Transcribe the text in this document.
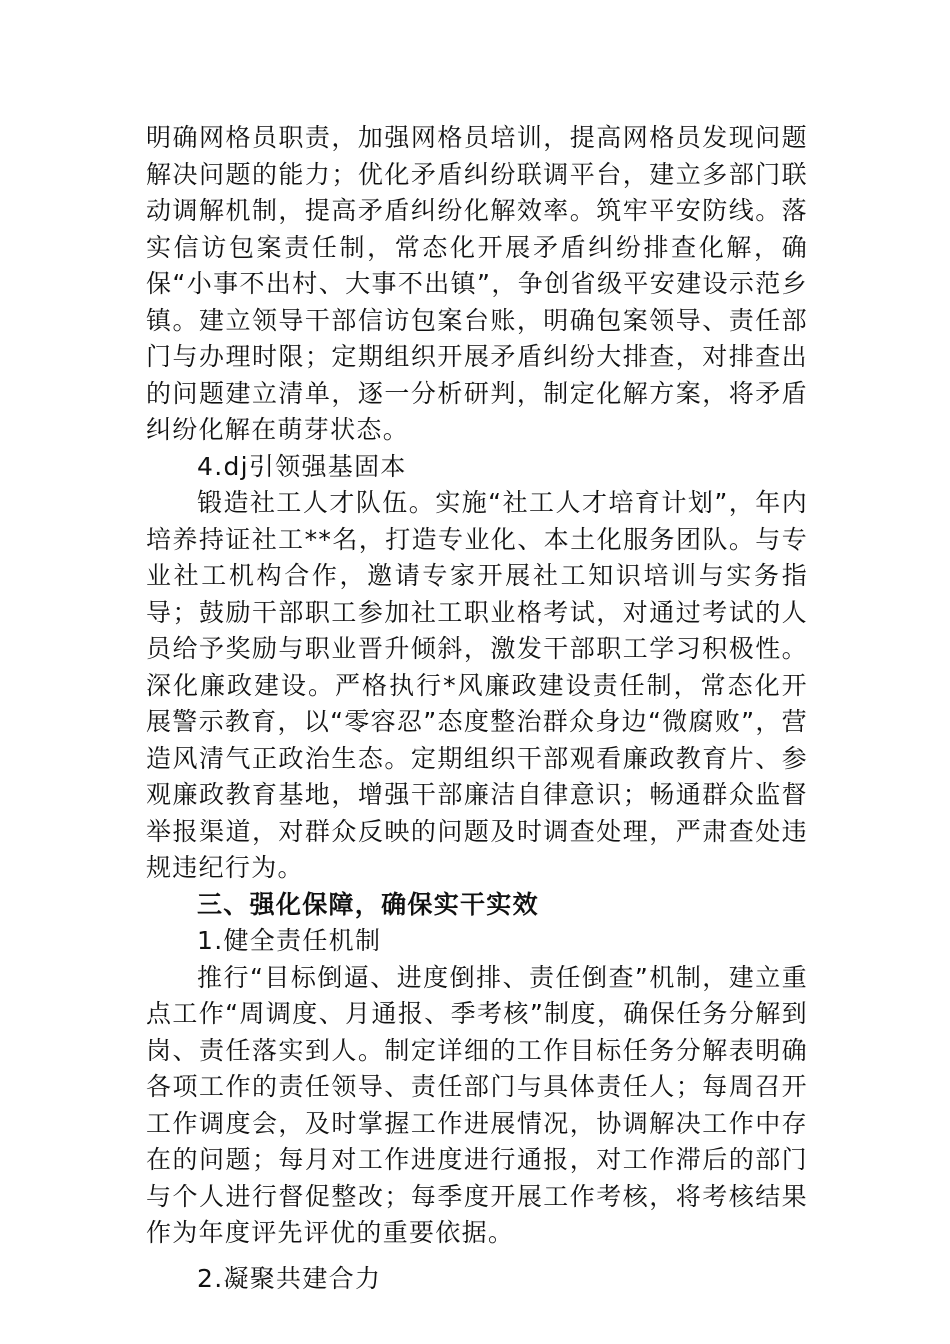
明确网格员职责，加强网格员培训，提高网格员发现问题解决问题的能力；优化矛盾纠纷联调平台，建立多部门联动调解机制，提高矛盾纠纷化解效率。筑牢平安防线。落实信访包案责任制，常态化开展矛盾纠纷排查化解，确保“小事不出村、大事不出镇”，争创省级平安建设示范乡镇。建立领导干部信访包案台账，明确包案领导、责任部门与办理时限；定期组织开展矛盾纠纷大排查，对排查出的问题建立清单，逐一分析研判，制定化解方案，将矛盾纠纷化解在萌芽状态。

4.dj引领强基固本

锻造社工人才队伍。实施“社工人才培育计划”，年内培养持证社工**名，打造专业化、本土化服务团队。与专业社工机构合作，邀请专家开展社工知识培训与实务指导；鼓励干部职工参加社工职业格考试，对通过考试的人员给予奖励与职业晋升倾斜，激发干部职工学习积极性。深化廉政建设。严格执行*风廉政建设责任制，常态化开展警示教育，以“零容忍”态度整治群众身边“微腐败”，营造风清气正政治生态。定期组织干部观看廉政教育片、参观廉政教育基地，增强干部廉洁自律意识；畅通群众监督举报渠道，对群众反映的问题及时调查处理，严肃查处违规违纪行为。

三、强化保障，确保实干实效

1.健全责任机制

推行“目标倒逼、进度倒排、责任倒查”机制，建立重点工作“周调度、月通报、季考核”制度，确保任务分解到岗、责任落实到人。制定详细的工作目标任务分解表明确各项工作的责任领导、责任部门与具体责任人；每周召开工作调度会，及时掌握工作进展情况，协调解决工作中存在的问题；每月对工作进度进行通报，对工作滞后的部门与个人进行督促整改；每季度开展工作考核，将考核结果作为年度评先评优的重要依据。

2.凝聚共建合力
